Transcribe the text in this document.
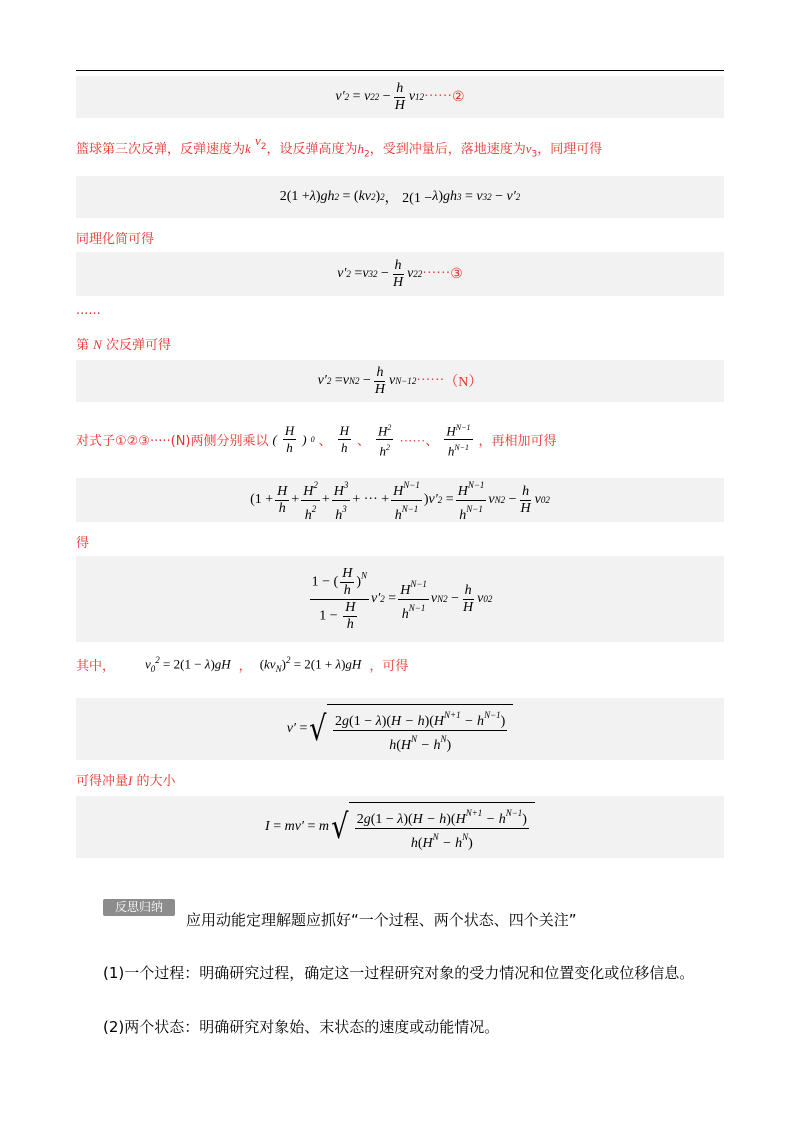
v′ 2
= v 2 2
− $\frac{h}{H}$ v 1 2 ······ ②
篮球第三次反弹，反弹速度为k $v_2$，设反弹高度为$h_2$，受到冲量后，落地速度为$v_3$，同理可得
2(1 + λ ) gh 2
= ( kv 2 ) 2 ， 2(1 − λ ) gh 3
= v 3 2
− v′ 2
同理化简可得
v′ 2
= v 3 2
− $\frac{h}{H}$ v 2 2 ······ ③
......
第 N 次反弹可得
v′ 2
= v N 2
− $\frac{h}{H}$ v N−1 2 ······ （N）
对式子①②③·····(N)两侧分别乘以 ( $\frac{H}{h}$ ) 0 、 $\frac{H}{h}$ 、 $\frac{H^2}{h^2}$ ······、 $\frac{H^{N-1}}{h^{N-1}}$ ，再相加可得
($1 + \frac{H}{h} + \frac{H^2}{h^2} + \frac{H^3}{h^3}$ + ··· + $\frac{H^{N-1}}{h^{N-1}}$ ) v′ 2
= $\frac{H^{N-1}}{h^{N-1}}$ v N 2
− $\frac{h}{H}$ v 0 2
得
$\frac{1 - ( \frac{H}{h} )^N}{1 - \frac{H}{h}} v'$ 2
= $\frac{H^{N-1}}{h^{N-1}}$ v N 2
− $\frac{h}{H}$ v 0 2
其中， $v_0^2 = 2(1 - \lambda)gH$ ， $(kv_N)^2 = 2(1 + \lambda)gH$ ，可得
v′ = √ $\frac{2g(1 - \lambda)(H - h)(H^{N+1} - h^{N-1})}{h(H^N - h^N)}$
可得冲量I 的大小
I = mv′ = m √ $\frac{2g(1 - \lambda)(H - h)(H^{N+1} - h^{N-1})}{h(H^N - h^N)}$
反思归纳
应用动能定理解题应抓好“一个过程、两个状态、四个关注”
(1)一个过程：明确研究过程，确定这一过程研究对象的受力情况和位置变化或位移信息。
(2)两个状态：明确研究对象始、末状态的速度或动能情况。
